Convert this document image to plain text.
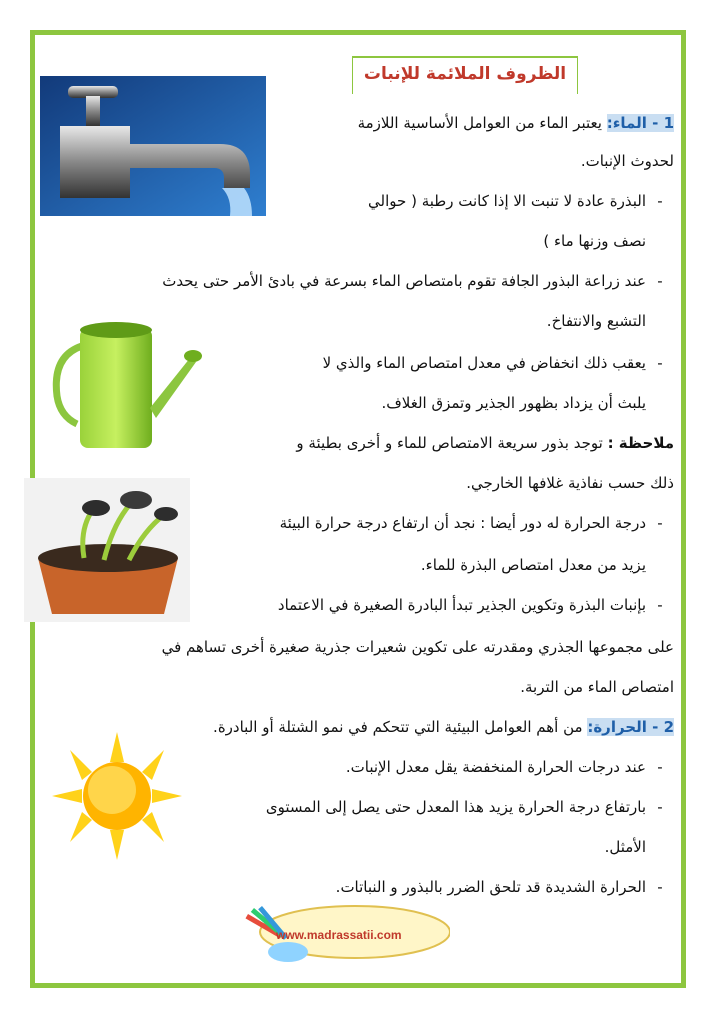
الظروف الملائمة للإنبات
www.madrassatii.com
1 - الماء: يعتبر الماء من العوامل الأساسية اللازمة
لحدوث الإنبات.
-البذرة عادة لا تنبت الا إذا كانت رطبة ( حوالي
نصف وزنها ماء )
-عند زراعة البذور الجافة تقوم بامتصاص الماء بسرعة في بادئ الأمر حتى يحدث
التشبع والانتفاخ.
-يعقب ذلك انخفاض في معدل امتصاص الماء والذي لا
يلبث أن يزداد بظهور الجذير وتمزق الغلاف.
ملاحظة : توجد بذور سريعة الامتصاص للماء و أخرى بطيئة و
ذلك حسب نفاذية غلافها الخارجي.
-درجة الحرارة له دور أيضا : نجد أن ارتفاع درجة حرارة البيئة
يزيد من معدل امتصاص البذرة للماء.
-بإنبات البذرة وتكوين الجذير تبدأ البادرة الصغيرة في الاعتماد
على مجموعها الجذري ومقدرته على تكوين شعيرات جذرية صغيرة أخرى تساهم في
امتصاص الماء من التربة.
2 - الحرارة: من أهم العوامل البيئية التي تتحكم في نمو الشتلة أو البادرة.
-عند درجات الحرارة المنخفضة يقل معدل الإنبات.
-بارتفاع درجة الحرارة يزيد هذا المعدل حتى يصل إلى المستوى
الأمثل.
-الحرارة الشديدة قد تلحق الضرر بالبذور و النباتات.
